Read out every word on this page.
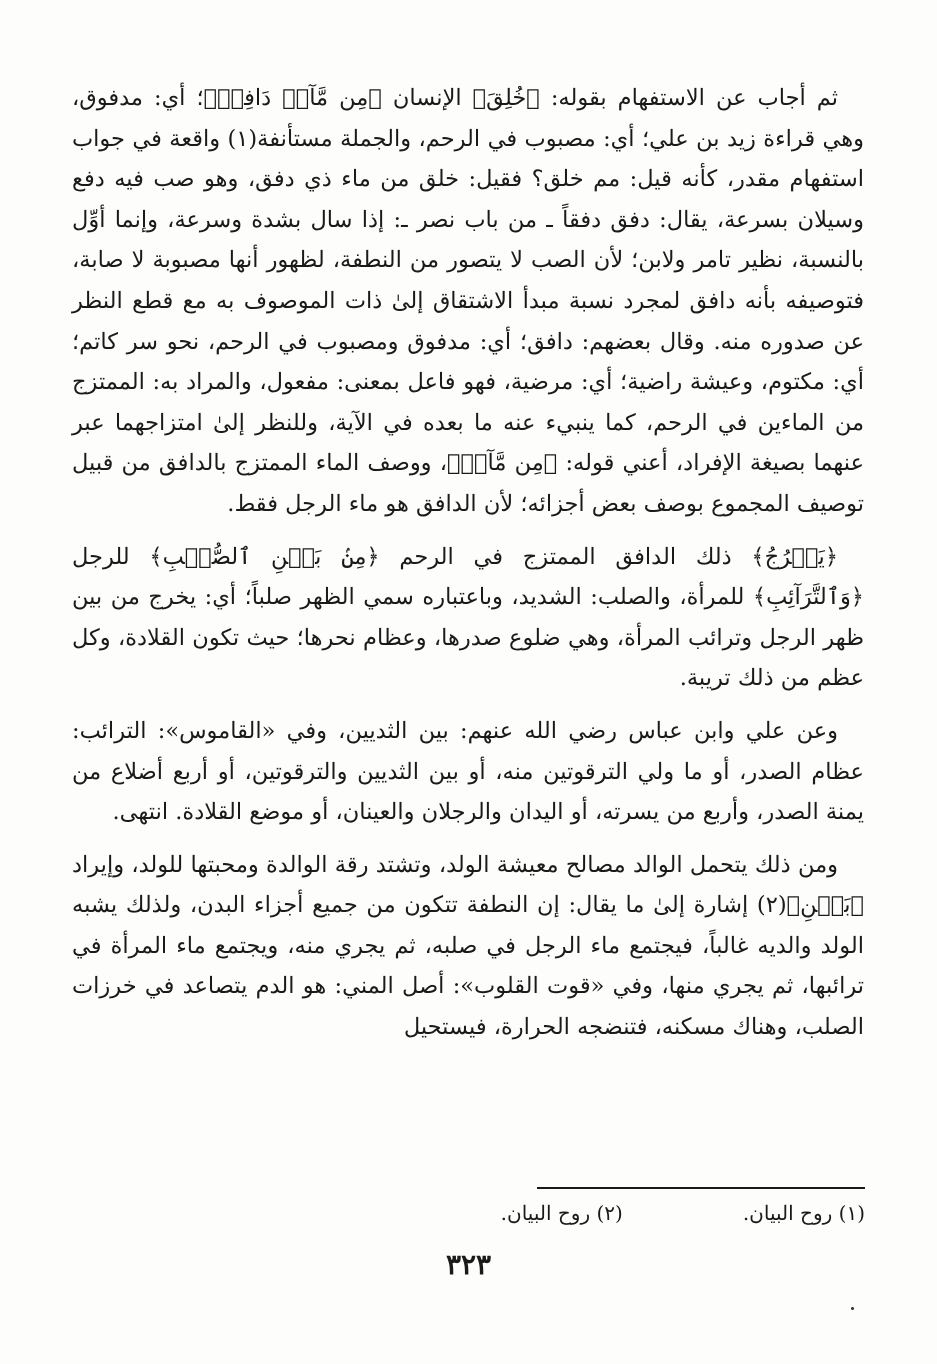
ثم أجاب عن الاستفهام بقوله: ﴿خُلِقَ﴾ الإنسان ﴿مِن مَّآءٖ دَافِقٖ﴾؛ أي: مدفوق، وهي قراءة زيد بن علي؛ أي: مصبوب في الرحم، والجملة مستأنفة(١) واقعة في جواب استفهام مقدر، كأنه قيل: مم خلق؟ فقيل: خلق من ماء ذي دفق، وهو صب فيه دفع وسيلان بسرعة، يقال: دفق دفقاً ـ من باب نصر ـ: إذا سال بشدة وسرعة، وإنما أوِّل بالنسبة، نظير تامر ولابن؛ لأن الصب لا يتصور من النطفة، لظهور أنها مصبوبة لا صابة، فتوصيفه بأنه دافق لمجرد نسبة مبدأ الاشتقاق إلىٰ ذات الموصوف به مع قطع النظر عن صدوره منه. وقال بعضهم: دافق؛ أي: مدفوق ومصبوب في الرحم، نحو سر كاتم؛ أي: مكتوم، وعيشة راضية؛ أي: مرضية، فهو فاعل بمعنى: مفعول، والمراد به: الممتزج من الماءين في الرحم، كما ينبيء عنه ما بعده في الآية، وللنظر إلىٰ امتزاجهما عبر عنهما بصيغة الإفراد، أعني قوله: ﴿مِن مَّآءٖ﴾، ووصف الماء الممتزج بالدافق من قبيل توصيف المجموع بوصف بعض أجزائه؛ لأن الدافق هو ماء الرجل فقط.

﴿يَخۡرُجُ﴾ ذلك الدافق الممتزج في الرحم ﴿مِنۢ بَيۡنِ ٱلصُّلۡبِ﴾ للرجل ﴿وَٱلتَّرَآئِبِ﴾ للمرأة، والصلب: الشديد، وباعتباره سمي الظهر صلباً؛ أي: يخرج من بين ظهر الرجل وترائب المرأة، وهي ضلوع صدرها، وعظام نحرها؛ حيث تكون القلادة، وكل عظم من ذلك تريبة.

وعن علي وابن عباس رضي الله عنهم: بين الثديين، وفي «القاموس»: الترائب: عظام الصدر، أو ما ولي الترقوتين منه، أو بين الثديين والترقوتين، أو أربع أضلاع من يمنة الصدر، وأربع من يسرته، أو اليدان والرجلان والعينان، أو موضع القلادة. انتهى.

ومن ذلك يتحمل الوالد مصالح معيشة الولد، وتشتد رقة الوالدة ومحبتها للولد، وإيراد ﴿بَيۡنِ﴾(٢) إشارة إلىٰ ما يقال: إن النطفة تتكون من جميع أجزاء البدن، ولذلك يشبه الولد والديه غالباً، فيجتمع ماء الرجل في صلبه، ثم يجري منه، ويجتمع ماء المرأة في ترائبها، ثم يجري منها، وفي «قوت القلوب»: أصل المني: هو الدم يتصاعد في خرزات الصلب، وهناك مسكنه، فتنضجه الحرارة، فيستحيل

(١) روح البيان.
(٢) روح البيان.
٣٢٣
